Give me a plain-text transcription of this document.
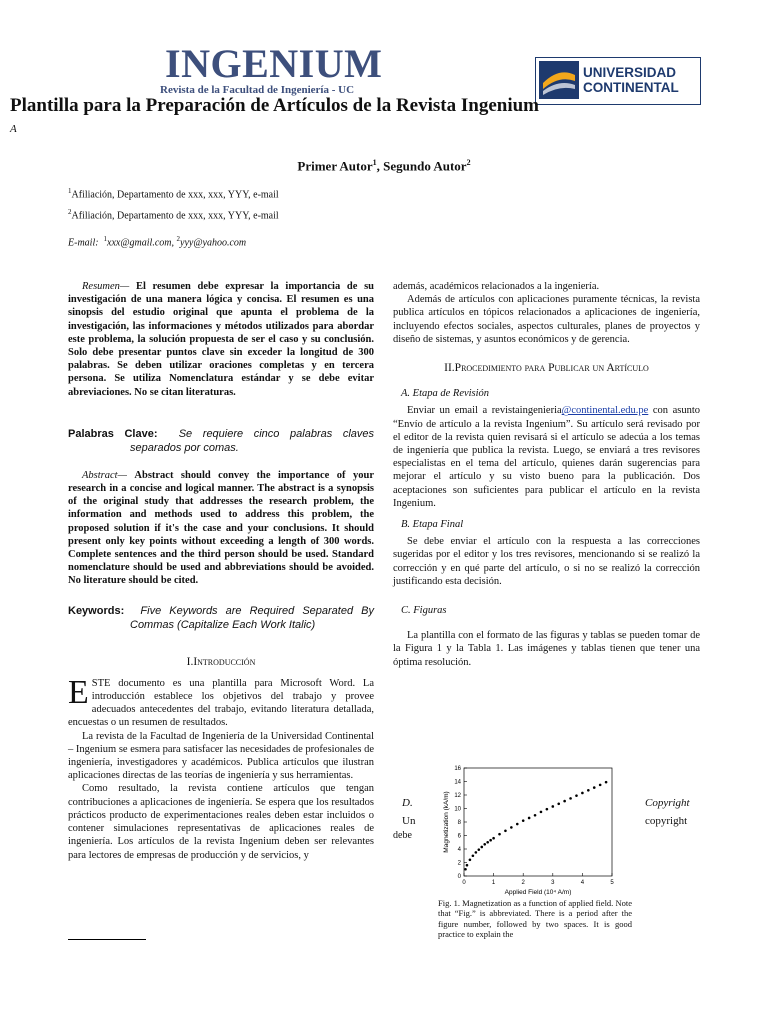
INGENIUM
Revista de la Facultad de Ingeniería - UC
UNIVERSIDAD
CONTINENTAL
Plantilla para la Preparación de Artículos de la Revista Ingenium
A
Primer Autor$^1$, Segundo Autor$^2$
$^1$Afiliación, Departamento de xxx, xxx, YYY, e-mail
$^2$Afiliación, Departamento de xxx, xxx, YYY, e-mail
E-mail: $^1$xxx@gmail.com, $^2$yyy@yahoo.com

Resumen— El resumen debe expresar la importancia de su investigación de una manera lógica y concisa. El resumen es una sinopsis del estudio original que apunta el problema de la investigación, las informaciones y métodos utilizados para abordar este problema, la solución propuesta de ser el caso y su conclusión. Solo debe presentar puntos clave sin exceder la longitud de 300 palabras. Se deben utilizar oraciones completas y en tercera persona. Se utiliza Nomenclatura estándar y se debe evitar abreviaciones. No se citan literaturas.

Palabras Clave: Se requiere cinco palabras claves separados por comas.

Abstract— Abstract should convey the importance of your research in a concise and logical manner. The abstract is a synopsis of the original study that addresses the research problem, the information and methods used to address this problem, the proposed solution if it's the case and your conclusions. It should present only key points without exceeding a length of 300 words. Complete sentences and the third person should be used. Standard nomenclature should be used and abbreviations should be avoided. No literature should be cited.

Keywords: Five Keywords are Required Separated By Commas (Capitalize Each Work Italic)

I.Introducción

ESTE documento es una plantilla para Microsoft Word. La introducción establece los objetivos del trabajo y provee adecuados antecedentes del trabajo, evitando literatura detallada, encuestas o un resumen de resultados.

La revista de la Facultad de Ingeniería de la Universidad Continental – Ingenium se esmera para satisfacer las necesidades de profesionales de ingeniería, investigadores y académicos. Publica artículos que ilustran aplicaciones directas de las teorías de ingeniería y sus herramientas.

Como resultado, la revista contiene artículos que tengan contribuciones a aplicaciones de ingeniería. Se espera que los resultados prácticos producto de experimentaciones reales deben estar incluidos o contener simulaciones representativas de aplicaciones reales de ingeniería. Los artículos de la revista Ingenium deben ser relevantes para lectores de empresas de producción y de servicios, y

además, académicos relacionados a la ingeniería.

Además de artículos con aplicaciones puramente técnicas, la revista publica artículos en tópicos relacionados a aplicaciones de ingeniería, incluyendo efectos sociales, aspectos culturales, planes de proyectos y diseño de sistemas, y asuntos económicos y de gerencia.

II.Procedimiento para Publicar un Artículo

A. Etapa de Revisión

Enviar un email a revistaingenieria@continental.edu.pe con asunto “Envío de artículo a la revista Ingenium”. Su artículo será revisado por el editor de la revista quien revisará si el artículo se adecúa a los temas de ingeniería que publica la revista. Luego, se enviará a tres revisores especialistas en el tema del artículo, quienes darán sugerencias para mejorar el artículo y su visto bueno para la publicación. Dos aceptaciones son suficientes para publicar el artículo en la revista Ingenium.

B. Etapa Final

Se debe enviar el artículo con la respuesta a las correcciones sugeridas por el editor y los tres revisores, mencionando si se realizó la corrección y en qué parte del artículo, o si no se realizó la corrección justificando esta decisión.

C. Figuras

La plantilla con el formato de las figuras y tablas se pueden tomar de la Figura 1 y la Tabla 1. Las imágenes y tablas tienen que tener una óptima resolución.

D.
Un
debe
Copyright
copyright
0	1	2	3	4	5
0
2
4
6
8
10
12
14
16
Applied Field (10⁴ A/m)
Magnetization (kA/m)
Fig. 1. Magnetization as a function of applied field. Note that “Fig.” is abbreviated. There is a period after the figure number, followed by two spaces. It is good practice to explain the
